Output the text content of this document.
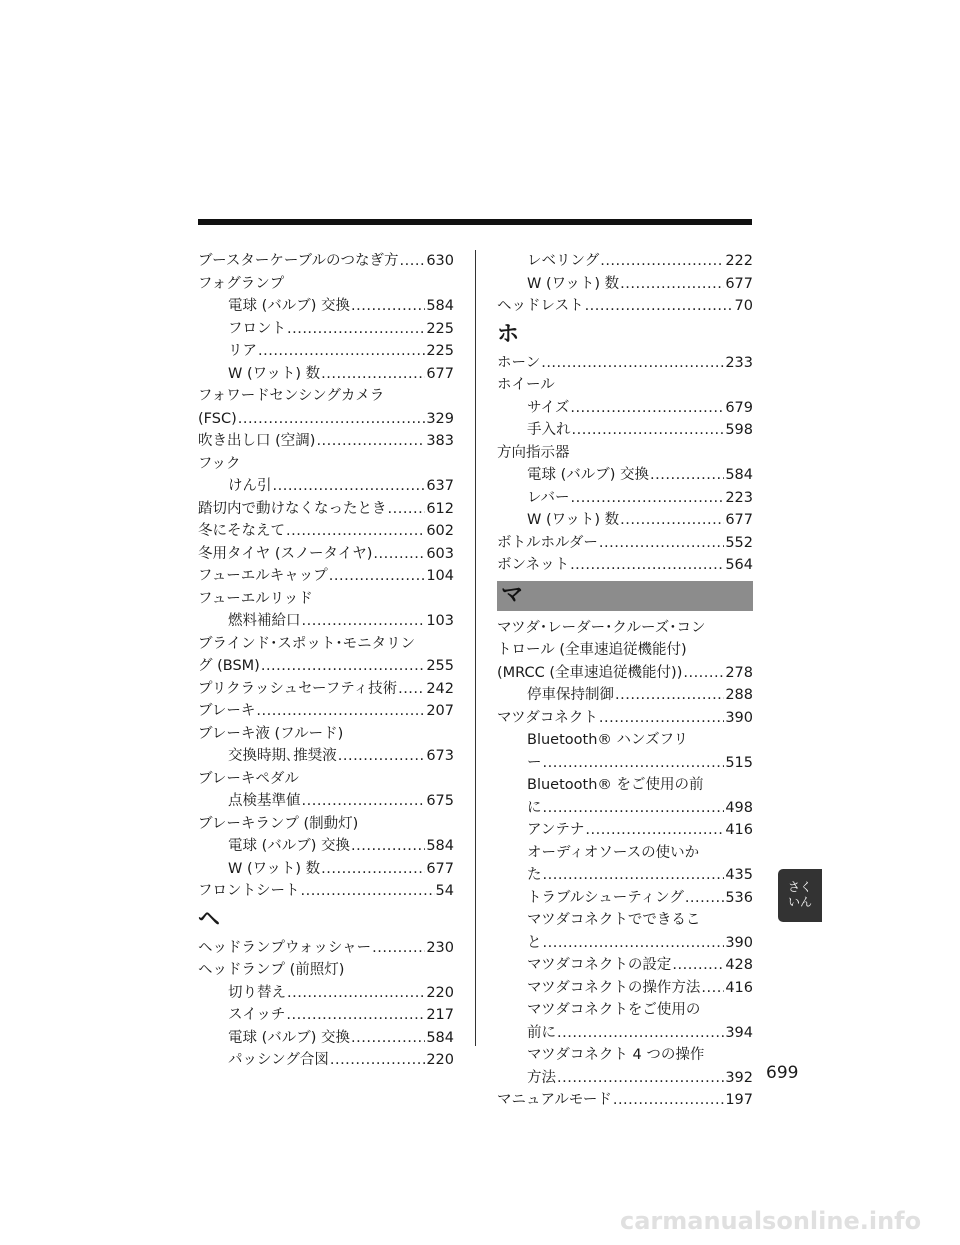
ブースターケーブルのつなぎ方 ..... 630
フォグランプ
電球 (バルブ) 交換 .....	584
フロント .....	225
リア .....	225
W (ワット) 数 .....	677
フォワードセンシングカメラ
(FSC) .....	329
吹き出し口 (空調) .....	383
フック
けん引 .....	637
踏切内で動けなくなったとき .....	612
冬にそなえて .....	602
冬用タイヤ (スノータイヤ) .....	603
フューエルキャップ .....	104
フューエルリッド
燃料補給口 .....	103
ブラインド･スポット･モニタリン
グ (BSM) .....	255
プリクラッシュセーフティ技術 ..... 242
ブレーキ .....	207
ブレーキ液 (フルード)
交換時期､推奨液 .....	673
ブレーキペダル
点検基準値 .....	675
ブレーキランプ (制動灯)
電球 (バルブ) 交換 .....	584
W (ワット) 数 .....	677
フロントシート .....	54
ヘ
ヘッドランプウォッシャー .....	230
ヘッドランプ (前照灯)
切り替え .....	220
スイッチ .....	217
電球 (バルブ) 交換 .....	584
パッシング合図 .....	220
レベリング .....	222
W (ワット) 数 .....	677
ヘッドレスト .....	70
ホ
ホーン .....	233
ホイール
サイズ .....	679
手入れ .....	598
方向指示器
電球 (バルブ) 交換 .....	584
レバー .....	223
W (ワット) 数 .....	677
ボトルホルダー .....	552
ボンネット .....	564
マ
マツダ･レーダー･クルーズ･コン
トロール (全車速追従機能付)
(MRCC (全車速追従機能付)) .....	278
停車保持制御 .....	288
マツダコネクト .....	390
Bluetooth® ハンズフリ
ー .....	515
Bluetooth® をご使用の前
に .....	498
アンテナ .....	416
オーディオソースの使いか
た .....	435
トラブルシューティング .....	536
マツダコネクトでできるこ
と .....	390
マツダコネクトの設定 .....	428
マツダコネクトの操作方法 ..... 416
マツダコネクトをご使用の
前に .....	394
マツダコネクト 4 つの操作
方法 .....	392
マニュアルモード .....	197
さく
いん
699
carmanualsonline.info
